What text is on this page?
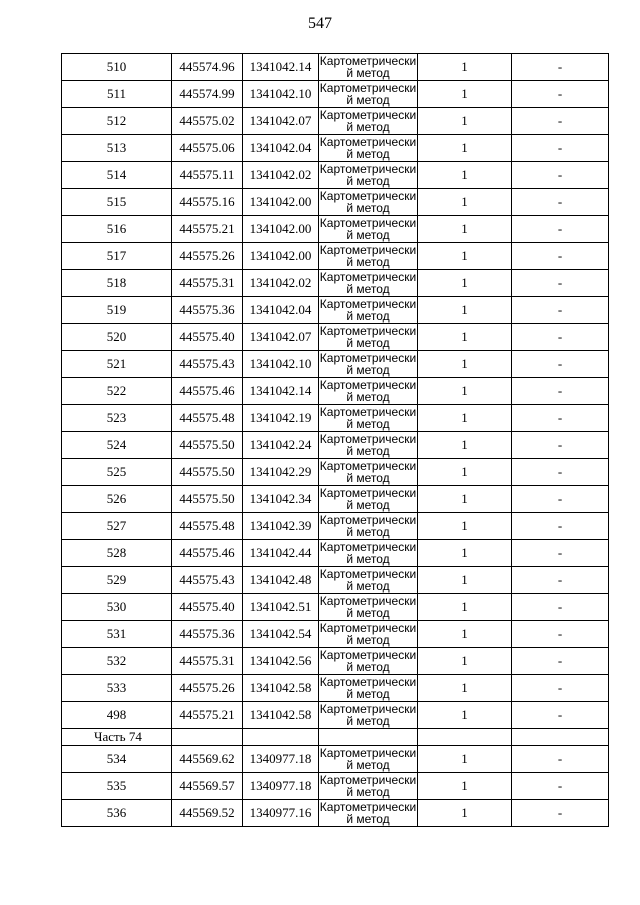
547
510	445574.96	1341042.14	Картометрический метод	1	-
511	445574.99	1341042.10	Картометрический метод	1	-
512	445575.02	1341042.07	Картометрический метод	1	-
513	445575.06	1341042.04	Картометрический метод	1	-
514	445575.11	1341042.02	Картометрический метод	1	-
515	445575.16	1341042.00	Картометрический метод	1	-
516	445575.21	1341042.00	Картометрический метод	1	-
517	445575.26	1341042.00	Картометрический метод	1	-
518	445575.31	1341042.02	Картометрический метод	1	-
519	445575.36	1341042.04	Картометрический метод	1	-
520	445575.40	1341042.07	Картометрический метод	1	-
521	445575.43	1341042.10	Картометрический метод	1	-
522	445575.46	1341042.14	Картометрический метод	1	-
523	445575.48	1341042.19	Картометрический метод	1	-
524	445575.50	1341042.24	Картометрический метод	1	-
525	445575.50	1341042.29	Картометрический метод	1	-
526	445575.50	1341042.34	Картометрический метод	1	-
527	445575.48	1341042.39	Картометрический метод	1	-
528	445575.46	1341042.44	Картометрический метод	1	-
529	445575.43	1341042.48	Картометрический метод	1	-
530	445575.40	1341042.51	Картометрический метод	1	-
531	445575.36	1341042.54	Картометрический метод	1	-
532	445575.31	1341042.56	Картометрический метод	1	-
533	445575.26	1341042.58	Картометрический метод	1	-
498	445575.21	1341042.58	Картометрический метод	1	-
Часть 74					
534	445569.62	1340977.18	Картометрический метод	1	-
535	445569.57	1340977.18	Картометрический метод	1	-
536	445569.52	1340977.16	Картометрический метод	1	-
